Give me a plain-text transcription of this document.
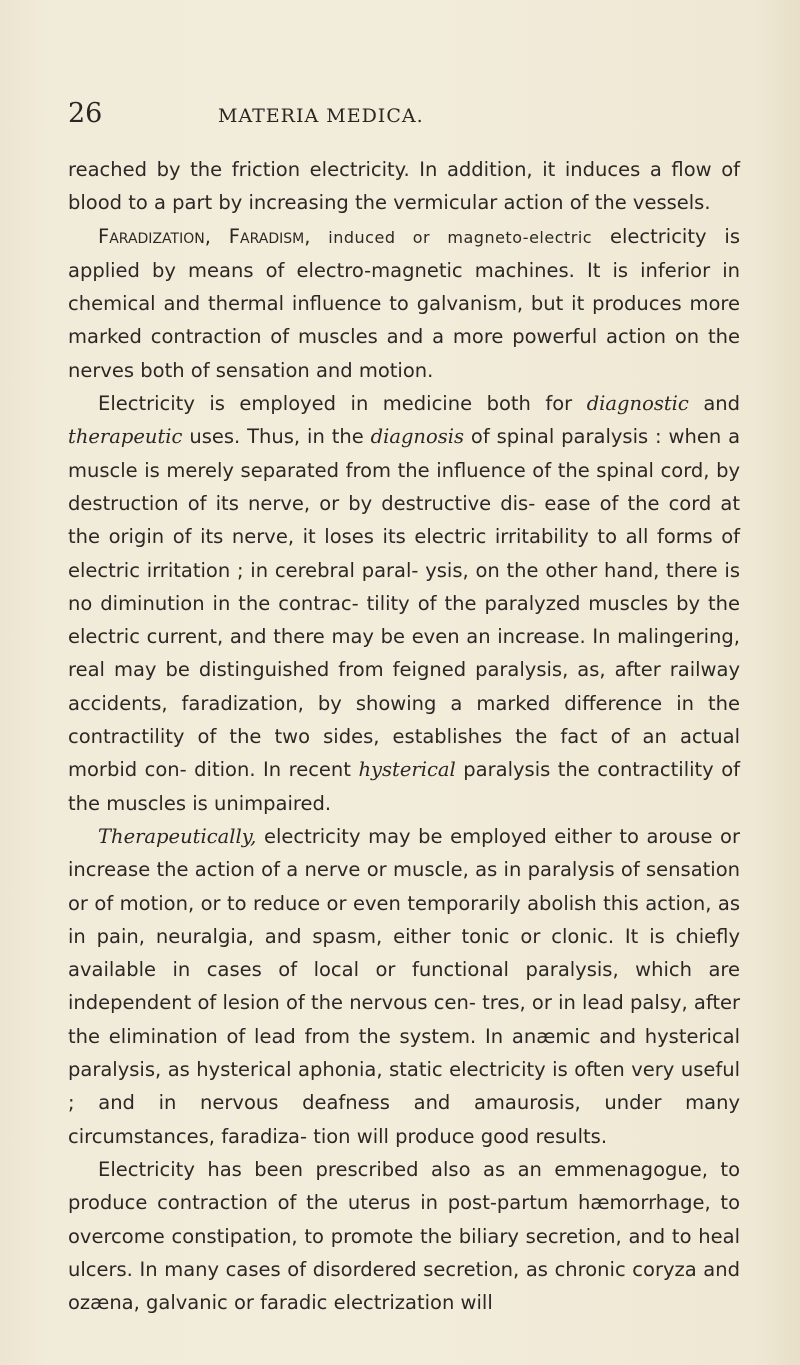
26	MATERIA MEDICA.

reached by the friction electricity. In addition, it induces a flow of blood to a part by increasing the vermicular action of the vessels.

Faradization, Faradism, induced or magneto-electric electricity is applied by means of electro-magnetic machines. It is inferior in chemical and thermal influence to galvanism, but it produces more marked contraction of muscles and a more powerful action on the nerves both of sensation and motion.

Electricity is employed in medicine both for diagnostic and therapeutic uses. Thus, in the diagnosis of spinal paralysis : when a muscle is merely separated from the influence of the spinal cord, by destruction of its nerve, or by destructive dis- ease of the cord at the origin of its nerve, it loses its electric irritability to all forms of electric irritation ; in cerebral paral- ysis, on the other hand, there is no diminution in the contrac- tility of the paralyzed muscles by the electric current, and there may be even an increase. In malingering, real may be distinguished from feigned paralysis, as, after railway accidents, faradization, by showing a marked difference in the contractility of the two sides, establishes the fact of an actual morbid con- dition. In recent hysterical paralysis the contractility of the muscles is unimpaired.

Therapeutically, electricity may be employed either to arouse or increase the action of a nerve or muscle, as in paralysis of sensation or of motion, or to reduce or even temporarily abolish this action, as in pain, neuralgia, and spasm, either tonic or clonic. It is chiefly available in cases of local or functional paralysis, which are independent of lesion of the nervous cen- tres, or in lead palsy, after the elimination of lead from the system. In anæmic and hysterical paralysis, as hysterical aphonia, static electricity is often very useful ; and in nervous deafness and amaurosis, under many circumstances, faradiza- tion will produce good results.

Electricity has been prescribed also as an emmenagogue, to produce contraction of the uterus in post-partum hæmorrhage, to overcome constipation, to promote the biliary secretion, and to heal ulcers. In many cases of disordered secretion, as chronic coryza and ozæna, galvanic or faradic electrization will
